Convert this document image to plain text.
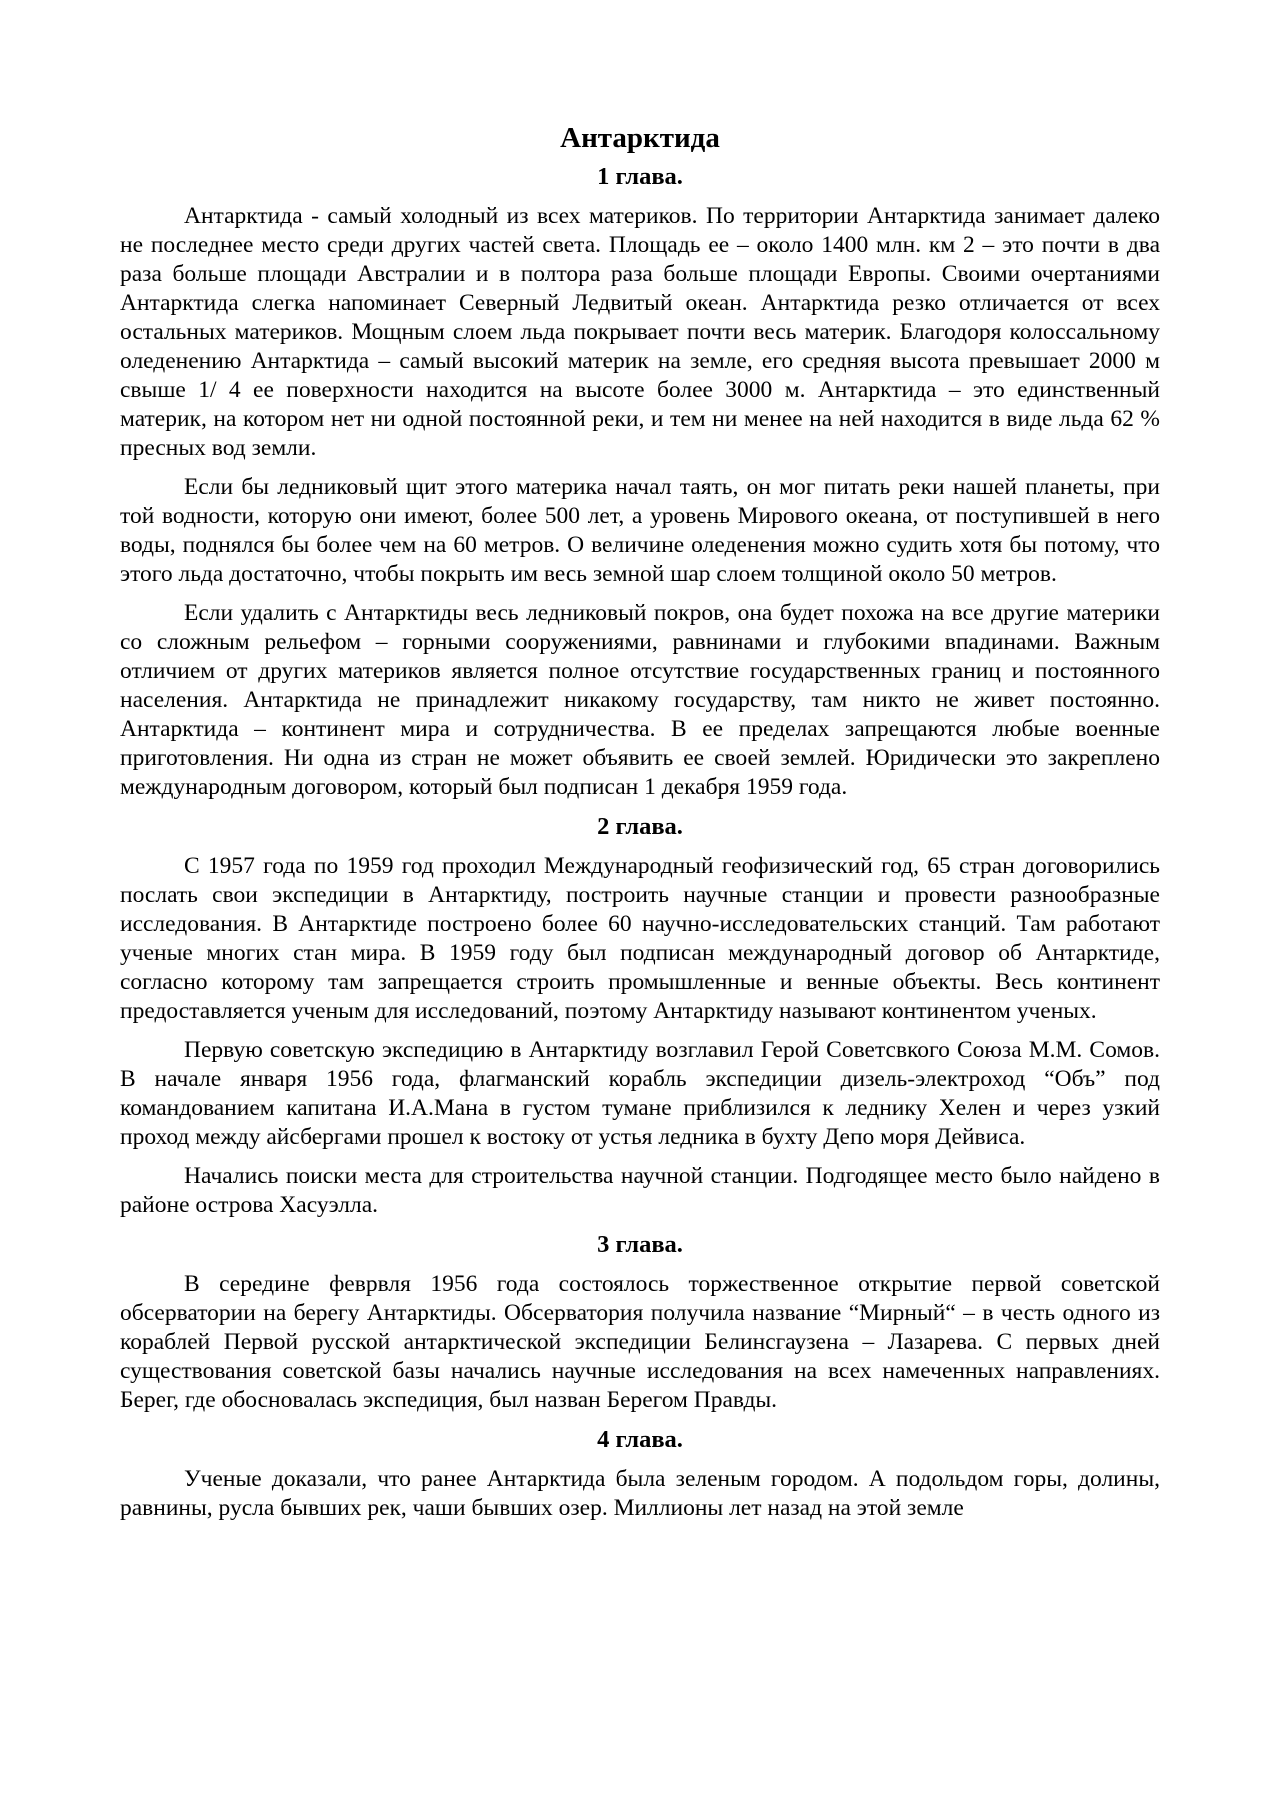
Антарктида
1 глава.

Антарктида - самый холодный из всех материков. По территории Антарктида занимает далеко не последнее место среди других частей света. Площадь ее – около 1400 млн. км 2 – это почти в два раза больше площади Австралии и в полтора раза больше площади Европы. Своими очертаниями Антарктида слегка напоминает Северный Ледвитый океан. Антарктида резко отличается от всех остальных материков. Мощным слоем льда покрывает почти весь материк. Благодоря колоссальному оледенению Антарктида – самый высокий материк на земле, его средняя высота превышает 2000 м свыше 1/ 4 ее поверхности находится на высоте более 3000 м. Антарктида – это единственный материк, на котором нет ни одной постоянной реки, и тем ни менее на ней находится в виде льда 62 % пресных вод земли.

Если бы ледниковый щит этого материка начал таять, он мог питать реки нашей планеты, при той водности, которую они имеют, более 500 лет, а уровень Мирового океана, от поступившей в него воды, поднялся бы более чем на 60 метров. О величине оледенения можно судить хотя бы потому, что этого льда достаточно, чтобы покрыть им весь земной шар слоем толщиной около 50 метров.

Если удалить с Антарктиды весь ледниковый покров, она будет похожа на все другие материки со сложным рельефом – горными сооружениями, равнинами и глубокими впадинами. Важным отличием от других материков является полное отсутствие государственных границ и постоянного населения. Антарктида не принадлежит никакому государству, там никто не живет постоянно. Антарктида – континент мира и сотрудничества. В ее пределах запрещаются любые военные приготовления. Ни одна из стран не может объявить ее своей землей. Юридически это закреплено международным договором, который был подписан 1 декабря 1959 года.

2 глава.

С 1957 года по 1959 год проходил Международный геофизический год, 65 стран договорились послать свои экспедиции в Антарктиду, построить научные станции и провести разнообразные исследования. В Антарктиде построено более 60 научно-исследовательских станций. Там работают ученые многих стан мира. В 1959 году был подписан международный договор об Антарктиде, согласно которому там запрещается строить промышленные и венные объекты. Весь континент предоставляется ученым для исследований, поэтому Антарктиду называют континентом ученых.

Первую советскую экспедицию в Антарктиду возглавил Герой Советсвкого Союза М.М. Сомов. В начале января 1956 года, флагманский корабль экспедиции дизель-электроход “Объ” под командованием капитана И.А.Мана в густом тумане приблизился к леднику Хелен и через узкий проход между айсбергами прошел к востоку от устья ледника в бухту Депо моря Дейвиса.

Начались поиски места для строительства научной станции. Подгодящее место было найдено в районе острова Хасуэлла.

3 глава.

В середине феврвля 1956 года состоялось торжественное открытие первой советской обсерватории на берегу Антарктиды. Обсерватория получила название “Мирный“ – в честь одного из кораблей Первой русской антарктической экспедиции Белинсгаузена – Лазарева. С первых дней существования советской базы начались научные исследования на всех намеченных направлениях. Берег, где обосновалась экспедиция, был назван Берегом Правды.

4 глава.

Ученые доказали, что ранее Антарктида была зеленым городом. А подольдом горы, долины, равнины, русла бывших рек, чаши бывших озер. Миллионы лет назад на этой земле
